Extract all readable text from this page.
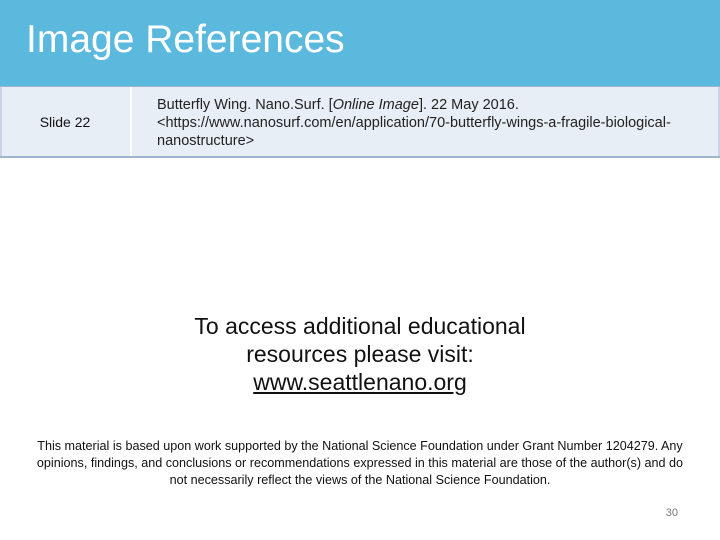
Image References
Slide 22
Butterfly Wing. Nano.Surf. [Online Image]. 22 May 2016. <https://www.nanosurf.com/en/application/70-butterfly-wings-a-fragile-biological-nanostructure>
To access additional educational
resources please visit:
www.seattlenano.org
This material is based upon work supported by the National Science Foundation under Grant Number 1204279. Any opinions, findings, and conclusions or recommendations expressed in this material are those of the author(s) and do not necessarily reflect the views of the National Science Foundation.
30
